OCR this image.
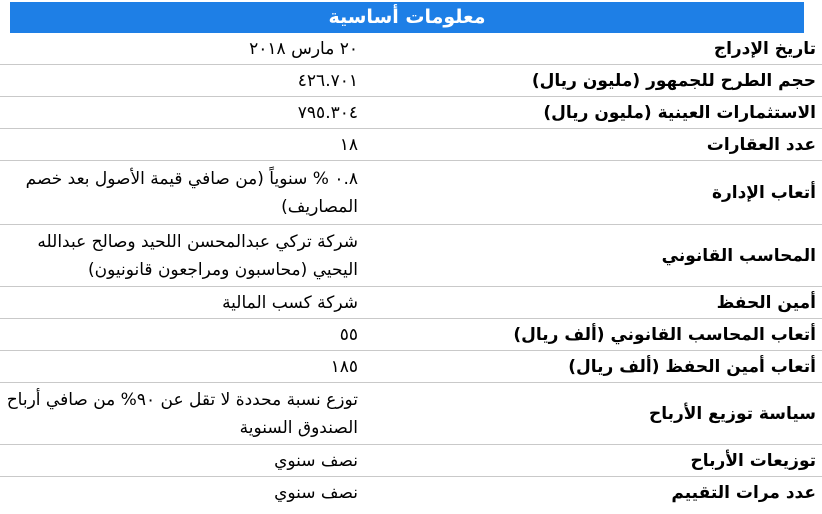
معلومات أساسية
تاريخ الإدراج
٢٠ مارس ٢٠١٨
حجم الطرح للجمهور (مليون ريال)
٤٢٦.٧٠١
الاستثمارات العينية (مليون ريال)
٧٩٥.٣٠٤
عدد العقارات
١٨
أتعاب الإدارة
٠.٨ % سنوياً (من صافي قيمة الأصول بعد خصم المصاريف)
المحاسب القانوني
شركة تركي عبدالمحسن اللحيد وصالح عبدالله اليحيي (محاسبون ومراجعون قانونيون)
أمين الحفظ
شركة كسب المالية
أتعاب المحاسب القانوني (ألف ريال)
٥٥
أتعاب أمين الحفظ (ألف ريال)
١٨٥
سياسة توزيع الأرباح
توزع نسبة محددة لا تقل عن ٩٠% من صافي أرباح الصندوق السنوية
توزيعات الأرباح
نصف سنوي
عدد مرات التقييم
نصف سنوي
